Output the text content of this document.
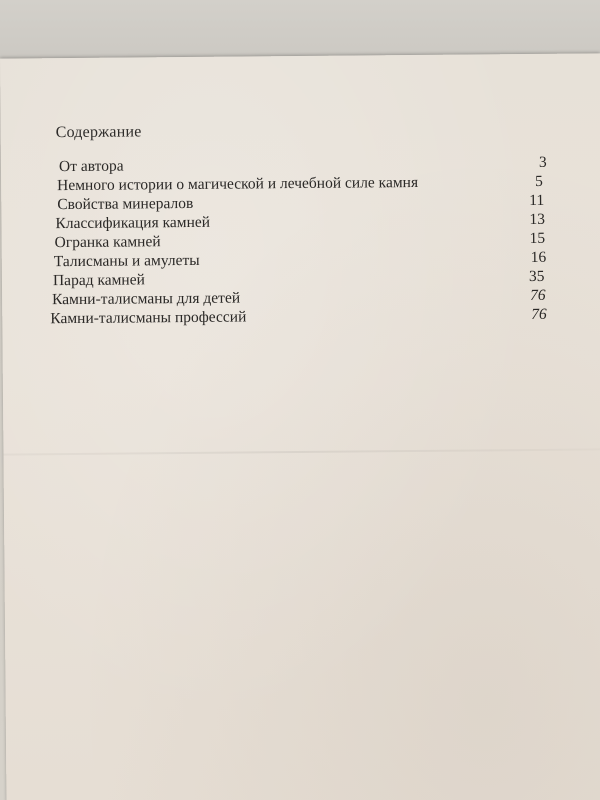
Содержание
От автора	3
Немного истории о магической и лечебной силе камня	5
Свойства минералов	11
Классификация камней	13
Огранка камней	15
Талисманы и амулеты	16
Парад камней	35
Камни-талисманы для детей	76
Камни-талисманы профессий	76
